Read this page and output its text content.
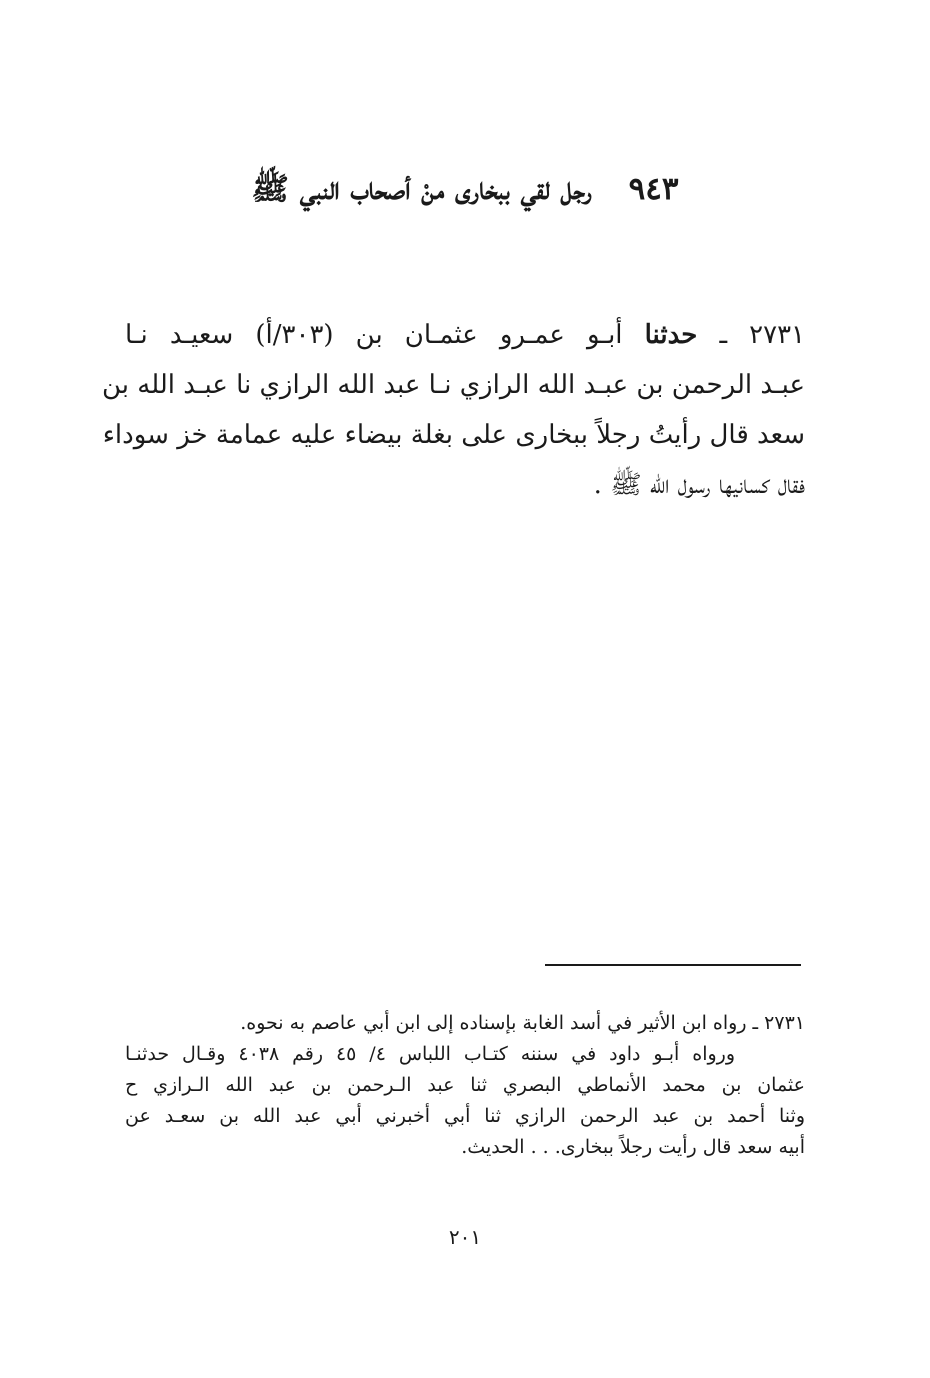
٩٤٣ رجل لقي ببخارى منْ أصحاب النبي ﷺ
٢٧٣١ ـ حدثنا أبـو عمـرو عثمـان بن (٣٠٣/أ) سعيـد نـا
عبـد الرحمن بن عبـد الله الرازي نـا عبد الله الرازي نا عبـد الله بن
سعد قال رأيتُ رجلاً ببخارى على بغلة بيضاء عليه عمامة خز سوداء
فقال كسانيها رسول الله ﷺ .
٢٧٣١ ـ رواه ابن الأثير في أسد الغابة بإسناده إلى ابن أبي عاصم به نحوه.
ورواه أبـو داود في سننه كتـاب اللباس ٤/ ٤٥ رقم ٤٠٣٨ وقـال حدثنـا
عثمان بن محمد الأنماطي البصري ثنا عبد الـرحمن بن عبد الله الـرازي ح
وثنا أحمد بن عبد الرحمن الرازي ثنا أبي أخبرني أبي عبد الله بن سعـد عن
أبيه سعد قال رأيت رجلاً ببخارى. . . الحديث.
٢٠١
